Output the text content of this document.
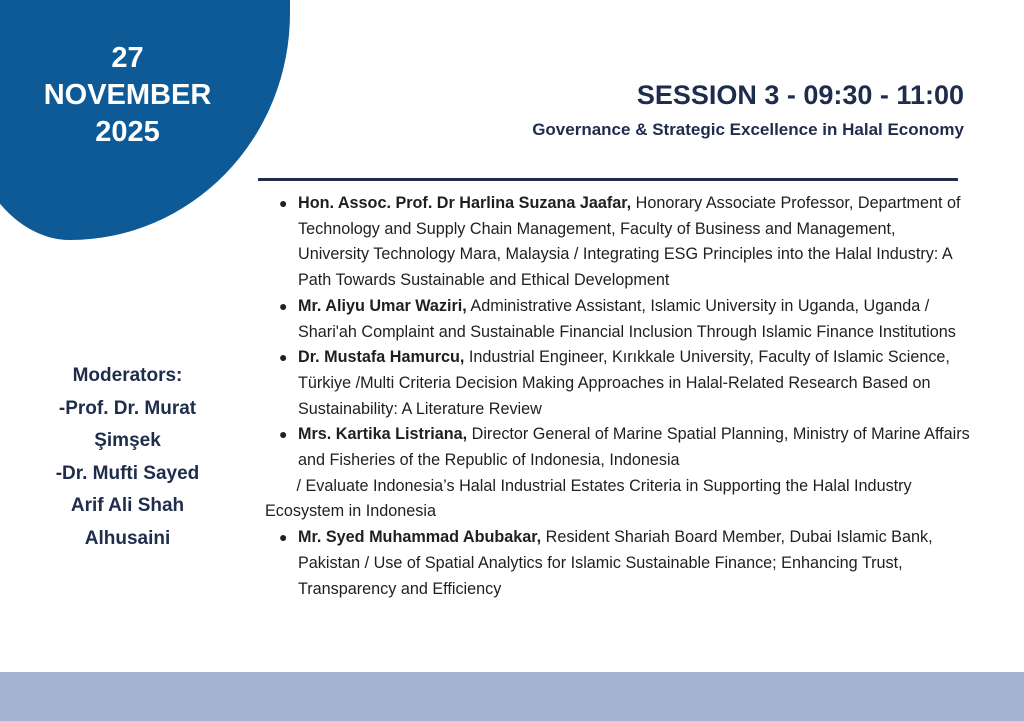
27
NOVEMBER
2025
SESSION 3 - 09:30 - 11:00
Governance & Strategic Excellence in Halal Economy
Moderators:
-Prof. Dr. Murat
Şimşek
-Dr. Mufti Sayed
Arif Ali Shah
Alhusaini
● Hon. Assoc. Prof. Dr Harlina Suzana Jaafar, Honorary Associate Professor, Department of Technology and Supply Chain Management, Faculty of Business and Management, University Technology Mara, Malaysia / Integrating ESG Principles into the Halal Industry: A Path Towards Sustainable and Ethical Development
● Mr. Aliyu Umar Waziri, Administrative Assistant, Islamic University in Uganda, Uganda / Shari'ah Complaint and Sustainable Financial Inclusion Through Islamic Finance Institutions
● Dr. Mustafa Hamurcu, Industrial Engineer, Kırıkkale University, Faculty of Islamic Science, Türkiye /Multi Criteria Decision Making Approaches in Halal-Related Research Based on Sustainability: A Literature Review
● Mrs. Kartika Listriana, Director General of Marine Spatial Planning, Ministry of Marine Affairs and Fisheries of the Republic of Indonesia, Indonesia
/ Evaluate Indonesia’s Halal Industrial Estates Criteria in Supporting the Halal Industry Ecosystem in Indonesia
● Mr. Syed Muhammad Abubakar, Resident Shariah Board Member, Dubai Islamic Bank, Pakistan / Use of Spatial Analytics for Islamic Sustainable Finance; Enhancing Trust, Transparency and Efficiency
